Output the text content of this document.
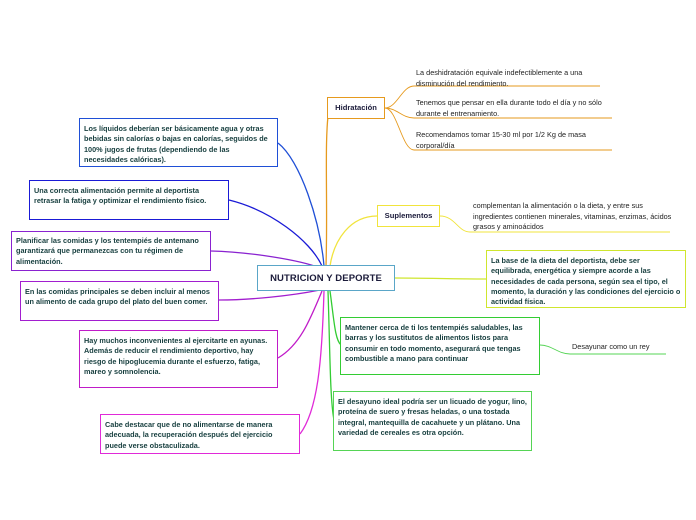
NUTRICION Y DEPORTE
Hidratación
La deshidratación equivale indefectiblemente a una disminución del rendimiento.
Tenemos que pensar en ella durante todo el día y no sólo durante el entrenamiento.
Recomendamos tomar 15-30 ml por 1/2 Kg de masa corporal/día
Suplementos
complementan la alimentación o la dieta, y entre sus ingredientes contienen minerales, vitaminas, enzimas, ácidos grasos y aminoácidos
La base de la dieta del deportista, debe ser equilibrada, energética y siempre acorde a las necesidades de cada persona, según sea el tipo, el momento, la duración y las condiciones del ejercicio o actividad física.
Mantener cerca de ti los tentempiés saludables, las barras y los sustitutos de alimentos listos para consumir en todo momento, asegurará que tengas combustible a mano para continuar
Desayunar como un rey
El desayuno ideal podría ser un licuado de yogur, lino, proteína de suero y fresas heladas, o una tostada integral, mantequilla de cacahuete y un plátano. Una variedad de cereales es otra opción.
Los líquidos deberían ser básicamente agua y otras bebidas sin calorías o bajas en calorías, seguidos de 100% jugos de frutas (dependiendo de las necesidades calóricas).
Una correcta alimentación permite al deportista retrasar la fatiga y optimizar el rendimiento físico.
Planificar las comidas y los tentempiés de antemano garantizará que permanezcas con tu régimen de alimentación.
En las comidas principales se deben incluir al menos un alimento de cada grupo del plato del buen comer.
Hay muchos inconvenientes al ejercitarte en ayunas. Además de reducir el rendimiento deportivo, hay riesgo de hipoglucemia durante el esfuerzo, fatiga, mareo y somnolencia.
Cabe destacar que de no alimentarse de manera adecuada, la recuperación después del ejercicio puede verse obstaculizada.
